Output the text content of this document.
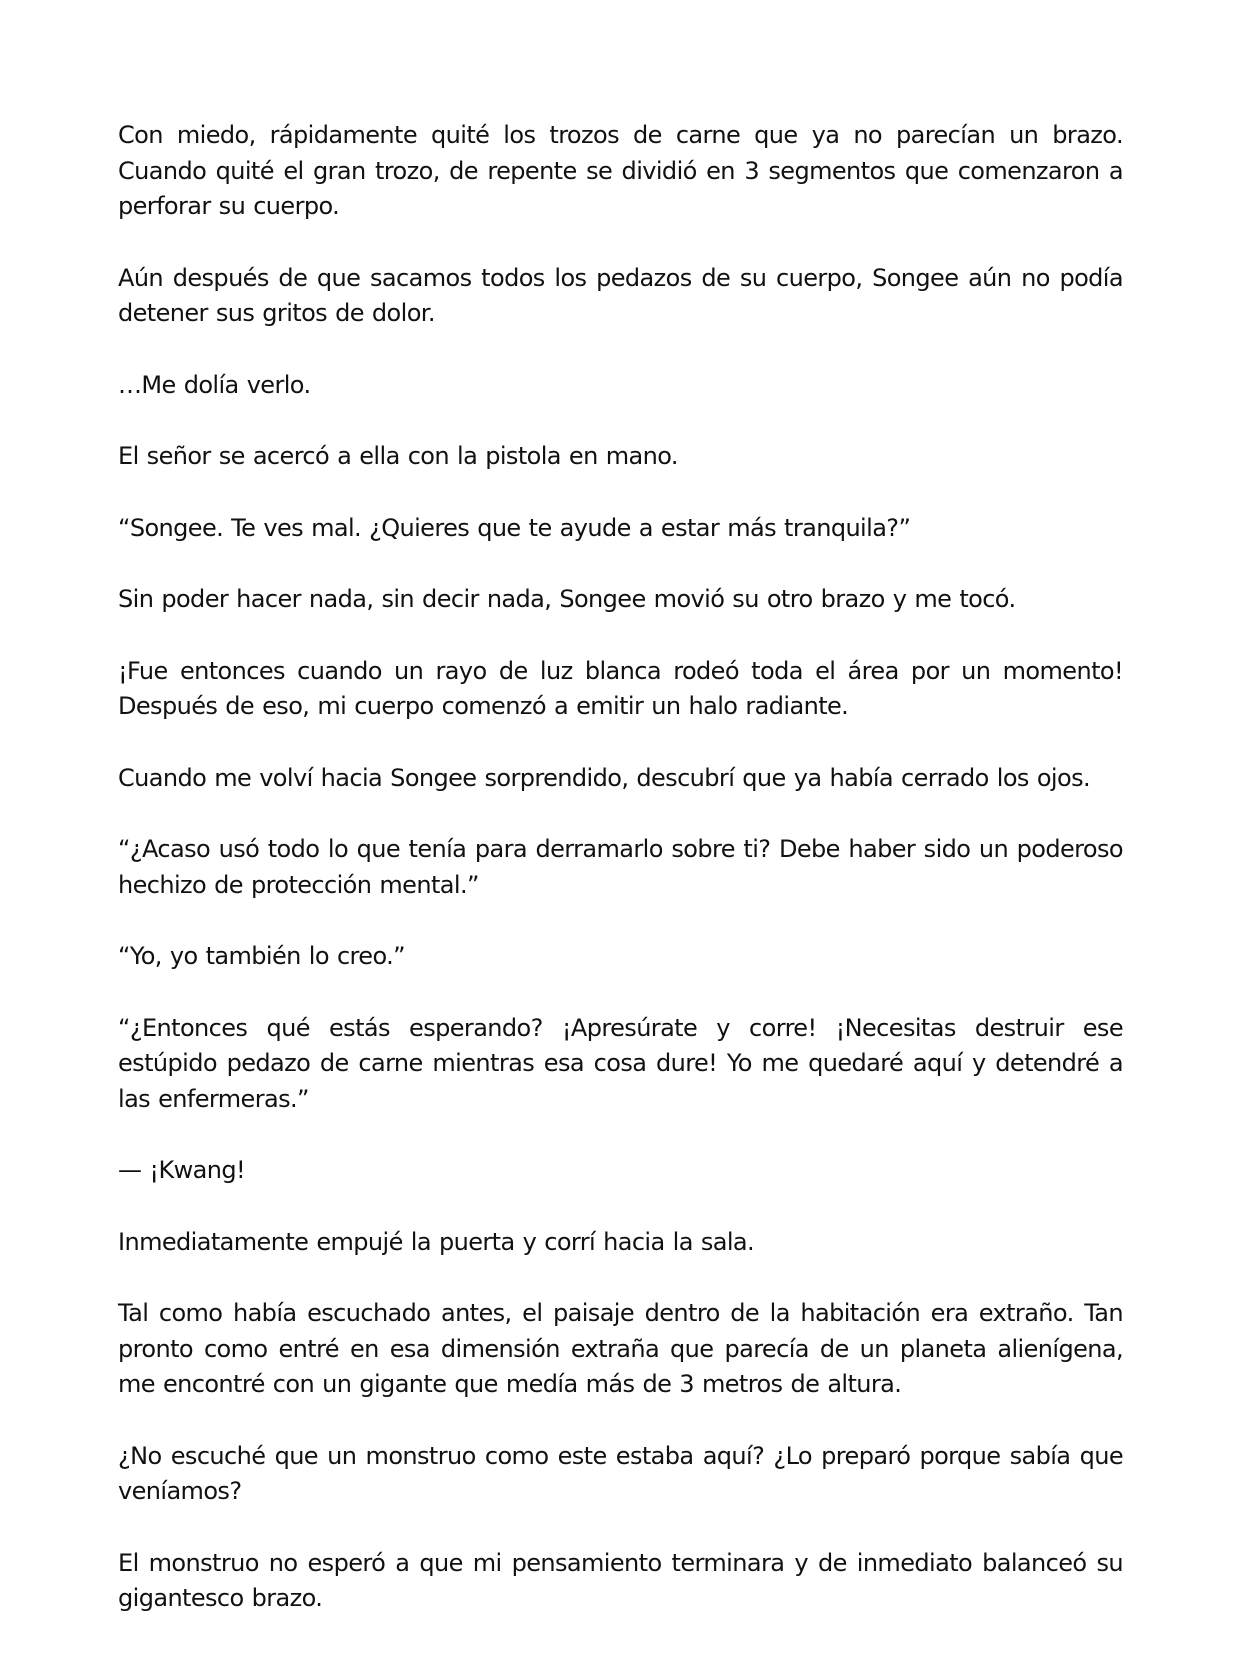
Con miedo, rápidamente quité los trozos de carne que ya no parecían un brazo. Cuando quité el gran trozo, de repente se dividió en 3 segmentos que comenzaron a perforar su cuerpo.

Aún después de que sacamos todos los pedazos de su cuerpo, Songee aún no podía detener sus gritos de dolor.

…Me dolía verlo.

El señor se acercó a ella con la pistola en mano.

“Songee. Te ves mal. ¿Quieres que te ayude a estar más tranquila?”

Sin poder hacer nada, sin decir nada, Songee movió su otro brazo y me tocó.

¡Fue entonces cuando un rayo de luz blanca rodeó toda el área por un momento! Después de eso, mi cuerpo comenzó a emitir un halo radiante.

Cuando me volví hacia Songee sorprendido, descubrí que ya había cerrado los ojos.

“¿Acaso usó todo lo que tenía para derramarlo sobre ti? Debe haber sido un poderoso hechizo de protección mental.”

“Yo, yo también lo creo.”

“¿Entonces qué estás esperando? ¡Apresúrate y corre! ¡Necesitas destruir ese estúpido pedazo de carne mientras esa cosa dure! Yo me quedaré aquí y detendré a las enfermeras.”

— ¡Kwang!

Inmediatamente empujé la puerta y corrí hacia la sala.

Tal como había escuchado antes, el paisaje dentro de la habitación era extraño. Tan pronto como entré en esa dimensión extraña que parecía de un planeta alienígena, me encontré con un gigante que medía más de 3 metros de altura.

¿No escuché que un monstruo como este estaba aquí? ¿Lo preparó porque sabía que veníamos?

El monstruo no esperó a que mi pensamiento terminara y de inmediato balanceó su gigantesco brazo.
